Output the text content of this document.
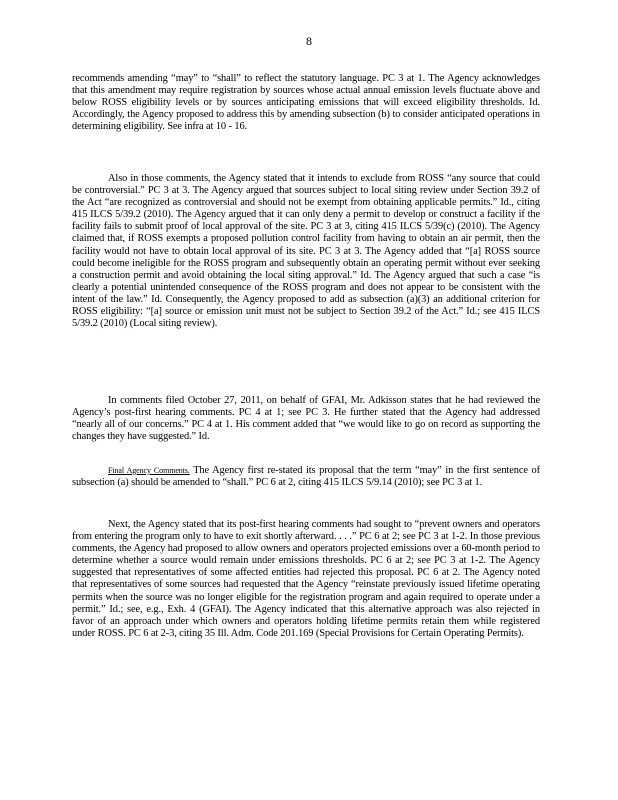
8
recommends amending “may” to “shall” to reflect the statutory language. PC 3 at 1. The Agency acknowledges that this amendment may require registration by sources whose actual annual emission levels fluctuate above and below ROSS eligibility levels or by sources anticipating emissions that will exceed eligibility thresholds. Id. Accordingly, the Agency proposed to address this by amending subsection (b) to consider anticipated operations in determining eligibility. See infra at 10 - 16.
Also in those comments, the Agency stated that it intends to exclude from ROSS “any source that could be controversial.” PC 3 at 3. The Agency argued that sources subject to local siting review under Section 39.2 of the Act “are recognized as controversial and should not be exempt from obtaining applicable permits.” Id., citing 415 ILCS 5/39.2 (2010). The Agency argued that it can only deny a permit to develop or construct a facility if the facility fails to submit proof of local approval of the site. PC 3 at 3, citing 415 ILCS 5/39(c) (2010). The Agency claimed that, if ROSS exempts a proposed pollution control facility from having to obtain an air permit, then the facility would not have to obtain local approval of its site. PC 3 at 3. The Agency added that “[a] ROSS source could become ineligible for the ROSS program and subsequently obtain an operating permit without ever seeking a construction permit and avoid obtaining the local siting approval.” Id. The Agency argued that such a case “is clearly a potential unintended consequence of the ROSS program and does not appear to be consistent with the intent of the law.” Id. Consequently, the Agency proposed to add as subsection (a)(3) an additional criterion for ROSS eligibility: “[a] source or emission unit must not be subject to Section 39.2 of the Act.” Id.; see 415 ILCS 5/39.2 (2010) (Local siting review).
In comments filed October 27, 2011, on behalf of GFAI, Mr. Adkisson states that he had reviewed the Agency’s post-first hearing comments. PC 4 at 1; see PC 3. He further stated that the Agency had addressed “nearly all of our concerns.” PC 4 at 1. His comment added that “we would like to go on record as supporting the changes they have suggested.” Id.
Final Agency Comments. The Agency first re-stated its proposal that the term “may” in the first sentence of subsection (a) should be amended to “shall.” PC 6 at 2, citing 415 ILCS 5/9.14 (2010); see PC 3 at 1.
Next, the Agency stated that its post-first hearing comments had sought to “prevent owners and operators from entering the program only to have to exit shortly afterward. . . .” PC 6 at 2; see PC 3 at 1-2. In those previous comments, the Agency had proposed to allow owners and operators projected emissions over a 60-month period to determine whether a source would remain under emissions thresholds. PC 6 at 2; see PC 3 at 1-2. The Agency suggested that representatives of some affected entities had rejected this proposal. PC 6 at 2. The Agency noted that representatives of some sources had requested that the Agency “reinstate previously issued lifetime operating permits when the source was no longer eligible for the registration program and again required to operate under a permit.” Id.; see, e.g., Exh. 4 (GFAI). The Agency indicated that this alternative approach was also rejected in favor of an approach under which owners and operators holding lifetime permits retain them while registered under ROSS. PC 6 at 2-3, citing 35 Ill. Adm. Code 201.169 (Special Provisions for Certain Operating Permits).
